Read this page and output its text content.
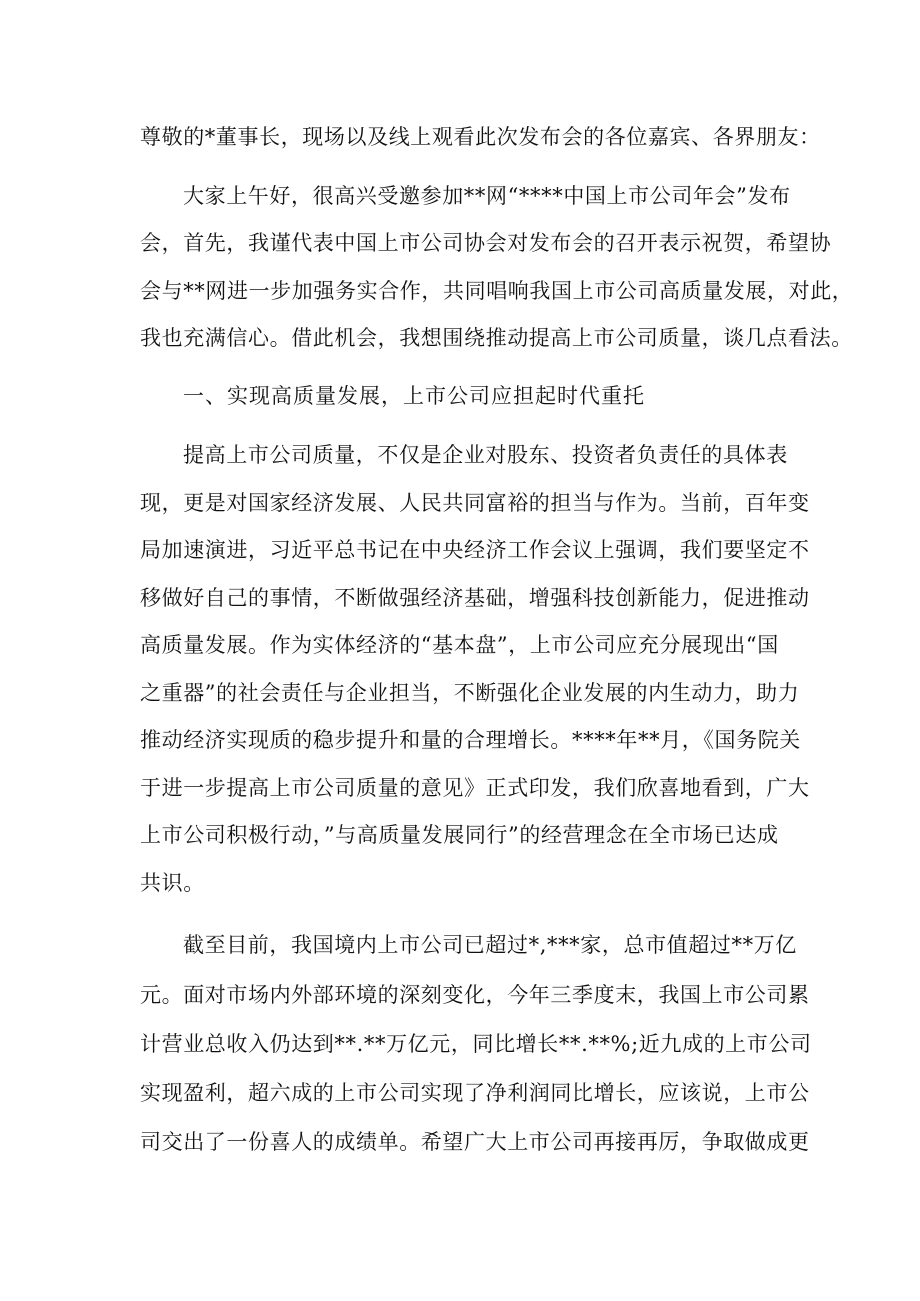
尊敬的*董事长，现场以及线上观看此次发布会的各位嘉宾、各界朋友：
大家上午好，很高兴受邀参加**网“****中国上市公司年会”发布
会，首先，我谨代表中国上市公司协会对发布会的召开表示祝贺，希望协
会与**网进一步加强务实合作，共同唱响我国上市公司高质量发展，对此，
我也充满信心。借此机会，我想围绕推动提高上市公司质量，谈几点看法。
一、实现高质量发展，上市公司应担起时代重托
提高上市公司质量，不仅是企业对股东、投资者负责任的具体表
现，更是对国家经济发展、人民共同富裕的担当与作为。当前，百年变
局加速演进，习近平总书记在中央经济工作会议上强调，我们要坚定不
移做好自己的事情，不断做强经济基础，增强科技创新能力，促进推动
高质量发展。作为实体经济的“基本盘”，上市公司应充分展现出“国
之重器”的社会责任与企业担当，不断强化企业发展的内生动力，助力
推动经济实现质的稳步提升和量的合理增长。****年**月，《国务院关
于进一步提高上市公司质量的意见》正式印发，我们欣喜地看到，广大
上市公司积极行动，”与高质量发展同行”的经营理念在全市场已达成
共识。
截至目前，我国境内上市公司已超过*,***家，总市值超过**万亿
元。面对市场内外部环境的深刻变化，今年三季度末，我国上市公司累
计营业总收入仍达到**.**万亿元，同比增长**.**%;近九成的上市公司
实现盈利，超六成的上市公司实现了净利润同比增长，应该说，上市公
司交出了一份喜人的成绩单。希望广大上市公司再接再厉，争取做成更
